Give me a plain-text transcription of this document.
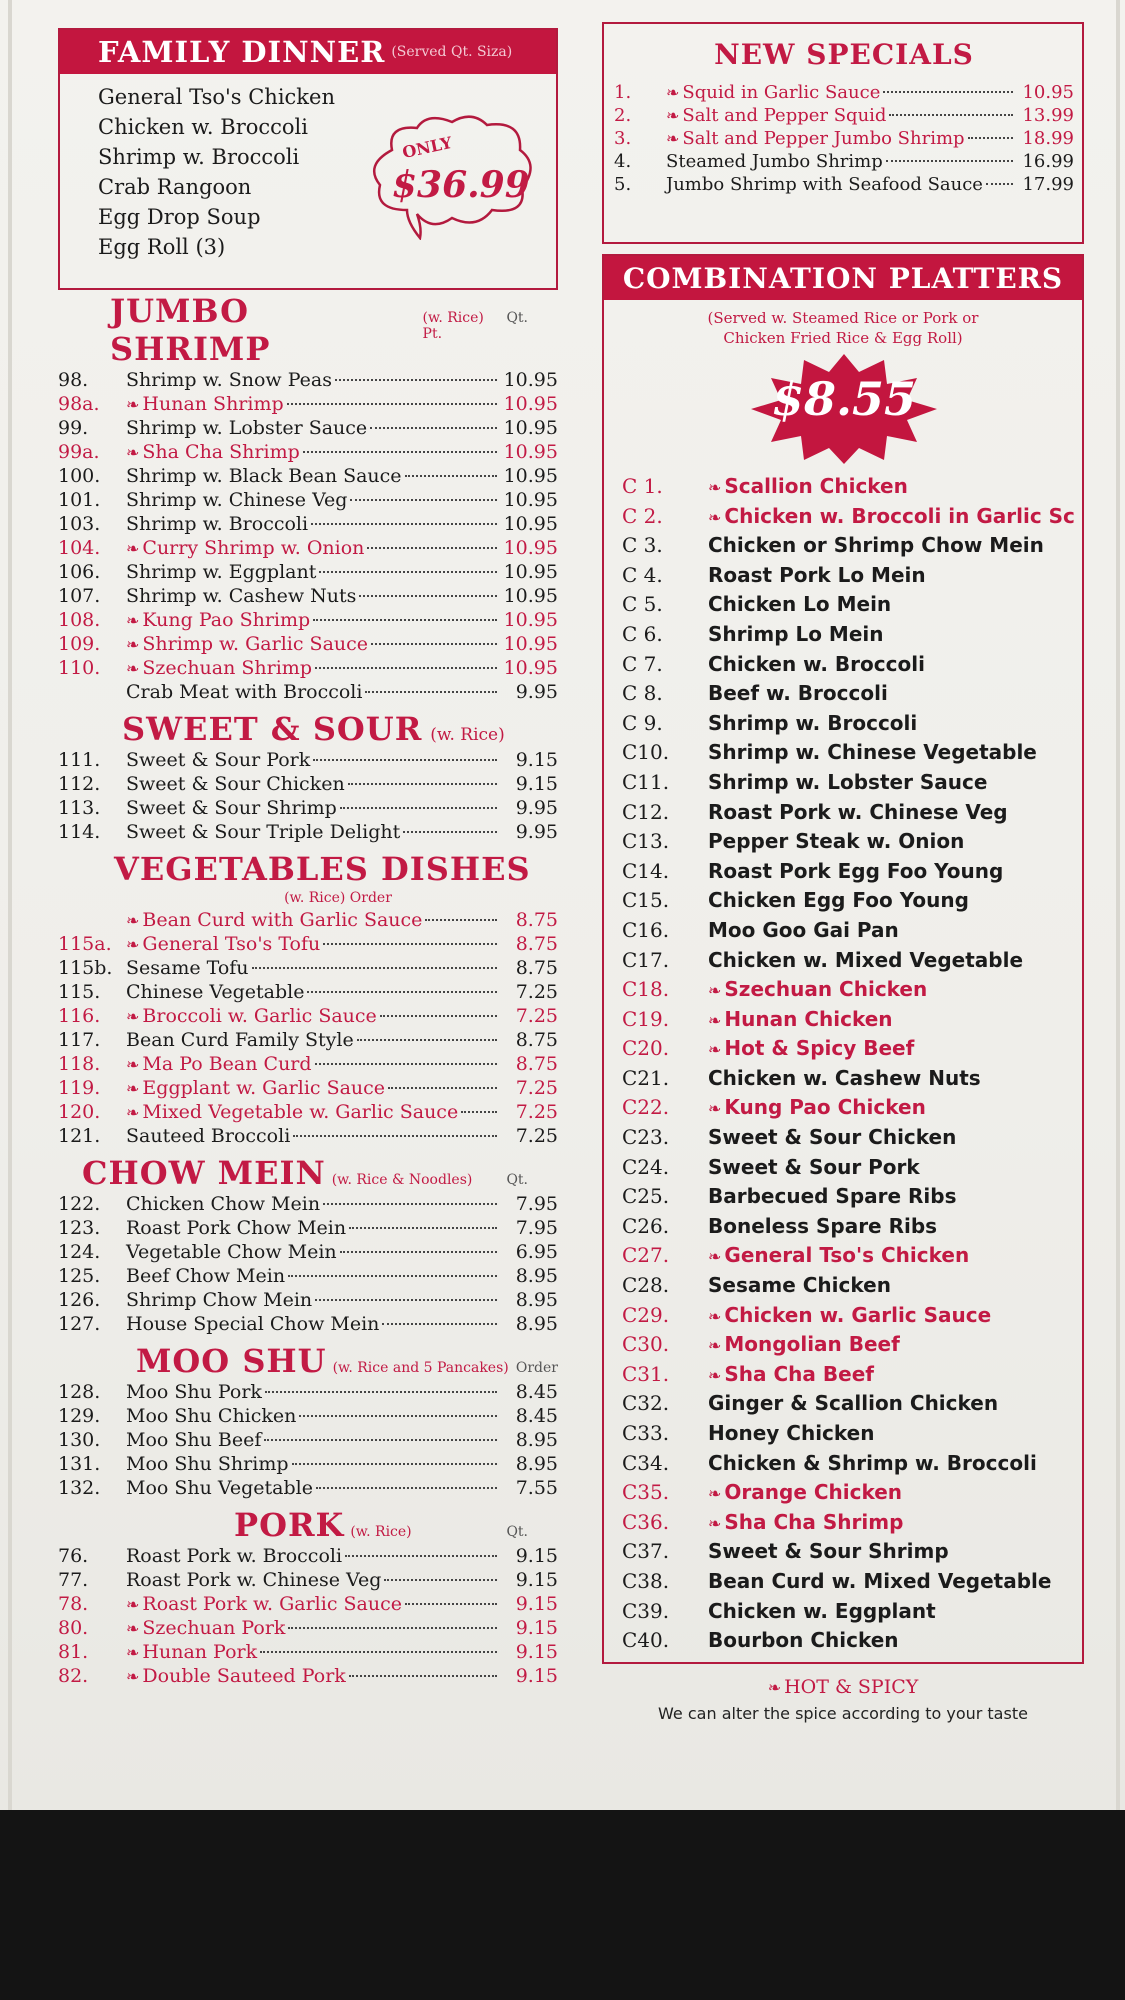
FAMILY DINNER (Served Qt. Siza)
General Tso's Chicken
Chicken w. Broccoli
Shrimp w. Broccoli
Crab Rangoon
Egg Drop Soup
Egg Roll (3)
ONLY
$36.99
JUMBO SHRIMP
(w. Rice) Pt.
Qt.
98.	Shrimp w. Snow Peas	10.95
98a.	❧ Hunan Shrimp	10.95
99.	Shrimp w. Lobster Sauce	10.95
99a.	❧ Sha Cha Shrimp	10.95
100.	Shrimp w. Black Bean Sauce	10.95
101.	Shrimp w. Chinese Veg	10.95
103.	Shrimp w. Broccoli	10.95
104.	❧ Curry Shrimp w. Onion	10.95
106.	Shrimp w. Eggplant	10.95
107.	Shrimp w. Cashew Nuts	10.95
108.	❧ Kung Pao Shrimp	10.95
109.	❧ Shrimp w. Garlic Sauce	10.95
110.	❧ Szechuan Shrimp	10.95
Crab Meat with Broccoli	9.95
SWEET & SOUR (w. Rice)
111.	Sweet & Sour Pork	9.15
112.	Sweet & Sour Chicken	9.15
113.	Sweet & Sour Shrimp	9.95
114.	Sweet & Sour Triple Delight	9.95
VEGETABLES DISHES
(w. Rice) Order
❧ Bean Curd with Garlic Sauce	8.75
115a. ❧ General Tso's Tofu	8.75
115b. Sesame Tofu	8.75
115.	Chinese Vegetable	7.25
116.	❧ Broccoli w. Garlic Sauce	7.25
117.	Bean Curd Family Style	8.75
118.	❧ Ma Po Bean Curd	8.75
119.	❧ Eggplant w. Garlic Sauce	7.25
120.	❧ Mixed Vegetable w. Garlic Sauce	7.25
121.	Sauteed Broccoli	7.25
CHOW MEIN (w. Rice & Noodles) Qt.
122.	Chicken Chow Mein	7.95
123.	Roast Pork Chow Mein	7.95
124.	Vegetable Chow Mein	6.95
125.	Beef Chow Mein	8.95
126.	Shrimp Chow Mein	8.95
127.	House Special Chow Mein	8.95
MOO SHU (w. Rice and 5 Pancakes) Order
128.	Moo Shu Pork	8.45
129.	Moo Shu Chicken	8.45
130.	Moo Shu Beef	8.95
131.	Moo Shu Shrimp	8.95
132.	Moo Shu Vegetable	7.55
PORK (w. Rice)	Qt.
76.	Roast Pork w. Broccoli	9.15
77.	Roast Pork w. Chinese Veg	9.15
78.	❧ Roast Pork w. Garlic Sauce	9.15
80.	❧ Szechuan Pork	9.15
81.	❧ Hunan Pork	9.15
82.	❧ Double Sauteed Pork	9.15
NEW SPECIALS
1.	❧ Squid in Garlic Sauce	10.95
2.	❧ Salt and Pepper Squid	13.99
3.	❧ Salt and Pepper Jumbo Shrimp	18.99
4.	Steamed Jumbo Shrimp	16.99
5.	Jumbo Shrimp with Seafood Sauce	17.99
COMBINATION PLATTERS
(Served w. Steamed Rice or Pork or
Chicken Fried Rice & Egg Roll)
$8.55
C 1.	❧ Scallion Chicken
C 2.	❧ Chicken w. Broccoli in Garlic Sc
C 3.	Chicken or Shrimp Chow Mein
C 4.	Roast Pork Lo Mein
C 5.	Chicken Lo Mein
C 6.	Shrimp Lo Mein
C 7.	Chicken w. Broccoli
C 8.	Beef w. Broccoli
C 9.	Shrimp w. Broccoli
C10.	Shrimp w. Chinese Vegetable
C11.	Shrimp w. Lobster Sauce
C12.	Roast Pork w. Chinese Veg
C13.	Pepper Steak w. Onion
C14.	Roast Pork Egg Foo Young
C15.	Chicken Egg Foo Young
C16.	Moo Goo Gai Pan
C17.	Chicken w. Mixed Vegetable
C18.	❧ Szechuan Chicken
C19.	❧ Hunan Chicken
C20.	❧ Hot & Spicy Beef
C21.	Chicken w. Cashew Nuts
C22.	❧ Kung Pao Chicken
C23.	Sweet & Sour Chicken
C24.	Sweet & Sour Pork
C25.	Barbecued Spare Ribs
C26.	Boneless Spare Ribs
C27.	❧ General Tso's Chicken
C28.	Sesame Chicken
C29.	❧ Chicken w. Garlic Sauce
C30.	❧ Mongolian Beef
C31.	❧ Sha Cha Beef
C32.	Ginger & Scallion Chicken
C33.	Honey Chicken
C34.	Chicken & Shrimp w. Broccoli
C35.	❧ Orange Chicken
C36.	❧ Sha Cha Shrimp
C37.	Sweet & Sour Shrimp
C38.	Bean Curd w. Mixed Vegetable
C39.	Chicken w. Eggplant
C40.	Bourbon Chicken
❧ HOT & SPICY
We can alter the spice according to your taste
